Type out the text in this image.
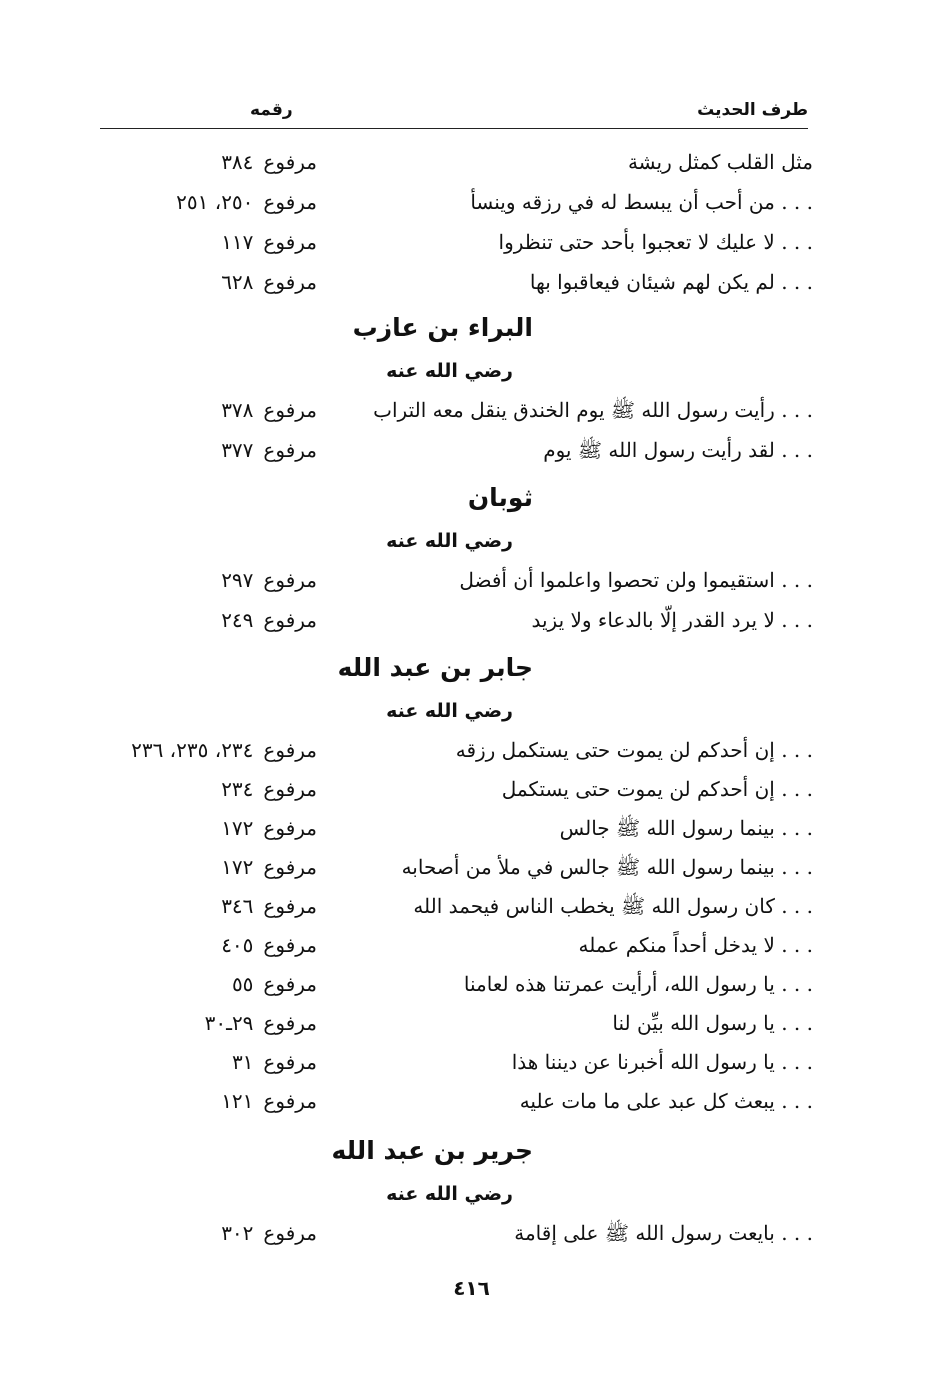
طرف الحديث
رقمه
مثل القلب كمثل ريشة
مرفوع٣٨٤
من أحب أن يبسط له في رزقه وينسأ . . .
مرفوع٢٥٠، ٢٥١
لا عليك لا تعجبوا بأحد حتى تنظروا . . .
مرفوع١١٧
لم يكن لهم شيئان فيعاقبوا بها . . .
مرفوع٦٢٨
البراء بن عازب
رضي الله عنه
رأيت رسول الله ﷺ يوم الخندق ينقل معه التراب . . .
مرفوع٣٧٨
لقد رأيت رسول الله ﷺ يوم . . .
مرفوع٣٧٧
ثوبان
رضي الله عنه
استقيموا ولن تحصوا واعلموا أن أفضل . . .
مرفوع٢٩٧
لا يرد القدر إلّا بالدعاء ولا يزيد . . .
مرفوع٢٤٩
جابر بن عبد الله
رضي الله عنه
إن أحدكم لن يموت حتى يستكمل رزقه . . .
مرفوع٢٣٤، ٢٣٥، ٢٣٦
إن أحدكم لن يموت حتى يستكمل . . .
مرفوع٢٣٤
بينما رسول الله ﷺ جالس . . .
مرفوع١٧٢
بينما رسول الله ﷺ جالس في ملأ من أصحابه . . .
مرفوع١٧٢
كان رسول الله ﷺ يخطب الناس فيحمد الله . . .
مرفوع٣٤٦
لا يدخل أحداً منكم عمله . . .
مرفوع٤٠٥
يا رسول الله، أرأيت عمرتنا هذه لعامنا . . .
مرفوع٥٥
يا رسول الله بيِّن لنا . . .
مرفوع٢٩ـ٣٠
يا رسول الله أخبرنا عن ديننا هذا . . .
مرفوع٣١
يبعث كل عبد على ما مات عليه . . .
مرفوع١٢١
جرير بن عبد الله
رضي الله عنه
بايعت رسول الله ﷺ على إقامة . . .
مرفوع٣٠٢
٤١٦
